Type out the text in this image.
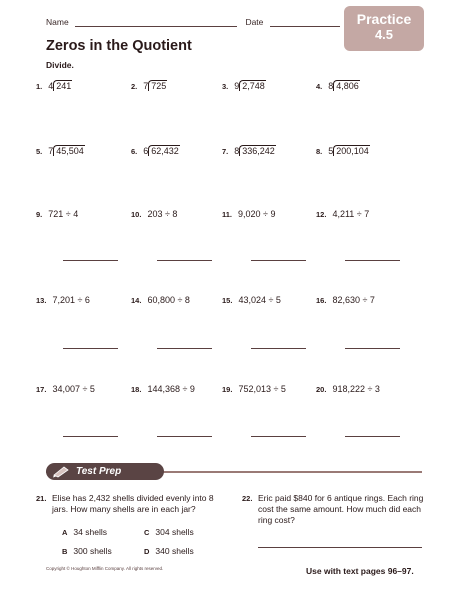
Name	Date	Practice
4.5
Zeros in the Quotient
Divide.
1. 4 241	2. 7 725	3. 9 2,748	4. 8 4,806
5. 7 45,504	6. 6 62,432	7. 8 336,242	8. 5 200,104
9. 721 ÷ 4	10. 203 ÷ 8	11. 9,020 ÷ 9	12. 4,211 ÷ 7
13. 7,201 ÷ 6	14. 60,800 ÷ 8	15. 43,024 ÷ 5	16. 82,630 ÷ 7
17. 34,007 ÷ 5	18. 144,368 ÷ 9	19. 752,013 ÷ 5	20. 918,222 ÷ 3
Test Prep
21. Elise has 2,432 shells divided evenly into 8 jars. How many shells are in each jar?
A 34 shells	C 304 shells
B 300 shells	D 340 shells
22. Eric paid $840 for 6 antique rings. Each ring cost the same amount. How much did each ring cost?
Copyright © Houghton Mifflin Company. All rights reserved.	Use with text pages 96–97.
